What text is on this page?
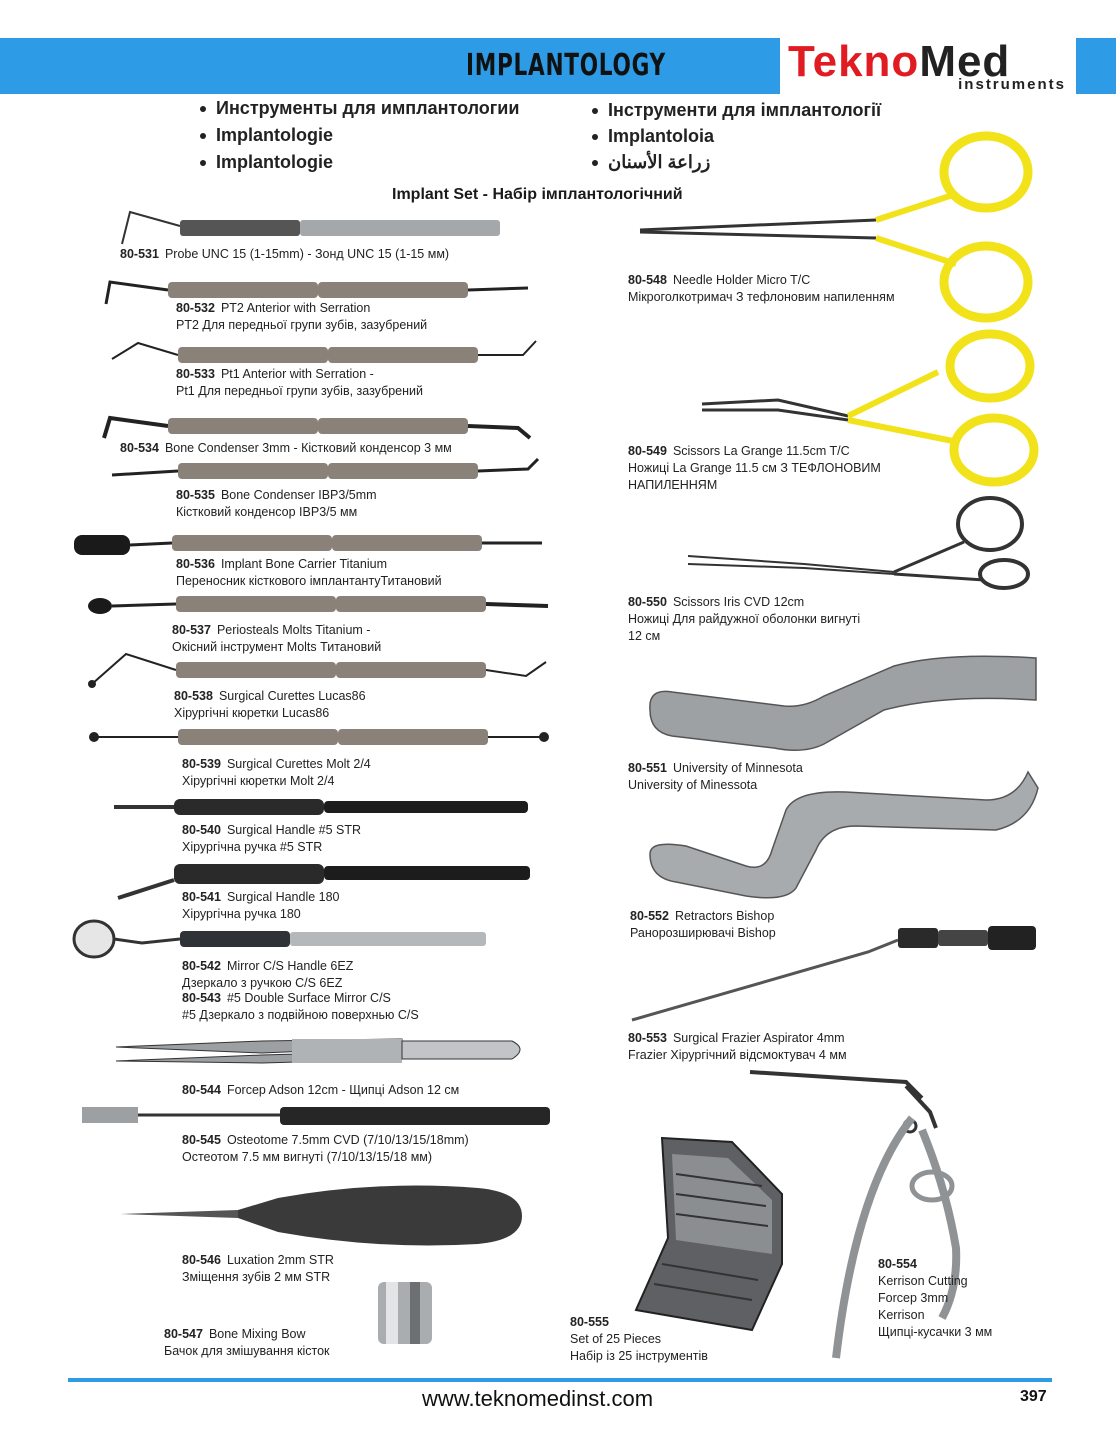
IMPLANTOLOGY	TeknoMed
instruments
Инструменты для имплантологии
Implantologie
Implantologie
Інструменти для імплантології
Implantoloia
زراعة الأسنان
Implant Set - Набір імплантологічний
80-531 Probe UNC 15 (1-15mm) - Зонд UNC 15 (1-15 мм)
80-532 PT2 Anterior with Serration
PT2 Для передньої групи зубів, зазубрений
80-533 Pt1 Anterior with Serration -
Pt1 Для передньої групи зубів, зазубрений
80-534 Bone Condenser 3mm - Кістковий конденсор 3 мм
80-535 Bone Condenser IBP3/5mm
Кістковий конденсор IBP3/5 мм
80-536 Implant Bone Carrier Titanium
Переносник кісткового імплантантуТитановий
80-537 Periosteals Molts Titanium -
Окісний інструмент Molts Титановий
80-538 Surgical Curettes Lucas86
Хірургічні кюретки Lucas86
80-539 Surgical Curettes Molt 2/4
Хірургічні кюретки Molt 2/4
80-540 Surgical Handle #5 STR
Хірургічна ручка #5 STR
80-541 Surgical Handle 180
Хірургічна ручка 180
80-542 Mirror C/S Handle 6EZ
Дзеркало з ручкою C/S 6EZ
80-543 #5 Double Surface Mirror C/S
#5 Дзеркало з подвійною поверхнью C/S
80-544 Forcep Adson 12cm - Щипці Adson 12 см
80-545 Osteotome 7.5mm CVD (7/10/13/15/18mm)
Остеотом 7.5 мм вигнуті (7/10/13/15/18 мм)
80-546 Luxation 2mm STR
Зміщення зубів 2 мм STR
80-547 Bone Mixing Bow
Бачок для змішування кісток
80-548 Needle Holder Micro T/C
Мікроголкотримач З тефлоновим напиленням
80-549 Scissors La Grange 11.5cm T/C
Ножиці La Grange 11.5 см З ТЕФЛОНОВИМ
НАПИЛЕННЯМ
80-550 Scissors Iris CVD 12cm
Ножиці Для райдужної оболонки вигнуті
12 см
80-551 University of Minnesota
University of Minessota
80-552 Retractors Bishop
Ранорозширювачі Bishop
80-553 Surgical Frazier Aspirator 4mm
Frazier Хірургічний відсмоктувач 4 мм
80-554
Kerrison Cutting
Forcep 3mm
Kerrison
Щипці-кусачки 3 мм
80-555
Set of 25 Pieces
Набір із 25 інструментів
www.teknomedinst.com	397
